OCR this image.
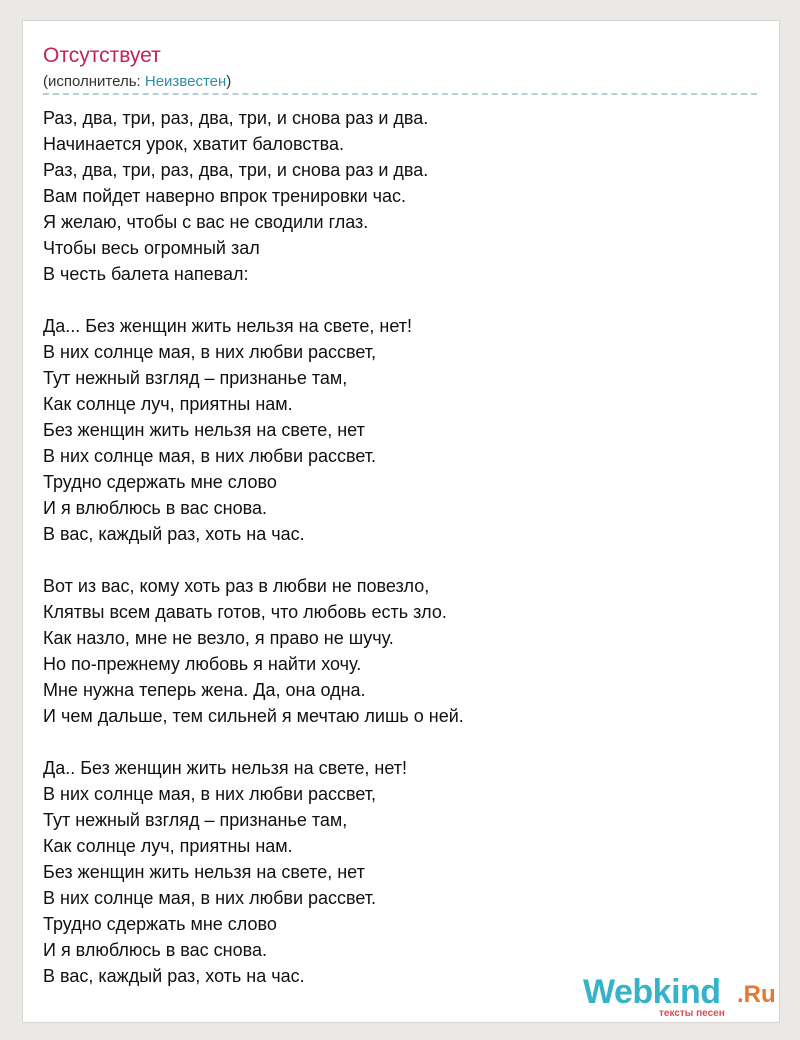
Отсутствует
(исполнитель: Неизвестен)
Раз, два, три, раз, два, три, и снова раз и два.
Начинается урок, хватит баловства.
Раз, два, три, раз, два, три, и снова раз и два.
Вам пойдет наверно впрок тренировки час.
Я желаю, чтобы с вас не сводили глаз.
Чтобы весь огромный зал
В честь балета напевал:
Да... Без женщин жить нельзя на свете, нет!
В них солнце мая, в них любви рассвет,
Тут нежный взгляд – признанье там,
Как солнце луч, приятны нам.
Без женщин жить нельзя на свете, нет
В них солнце мая, в них любви рассвет.
Трудно сдержать мне слово
И я влюблюсь в вас снова.
В вас, каждый раз, хоть на час.
Вот из вас, кому хоть раз в любви не повезло,
Клятвы всем давать готов, что любовь есть зло.
Как назло, мне не везло, я право не шучу.
Но по-прежнему любовь я найти хочу.
Мне нужна теперь жена. Да, она одна.
И чем дальше, тем сильней я мечтаю лишь о ней.
Да.. Без женщин жить нельзя на свете, нет!
В них солнце мая, в них любви рассвет,
Тут нежный взгляд – признанье там,
Как солнце луч, приятны нам.
Без женщин жить нельзя на свете, нет
В них солнце мая, в них любви рассвет.
Трудно сдержать мне слово
И я влюблюсь в вас снова.
В вас, каждый раз, хоть на час.	Webkind .Ru
тексты песен
